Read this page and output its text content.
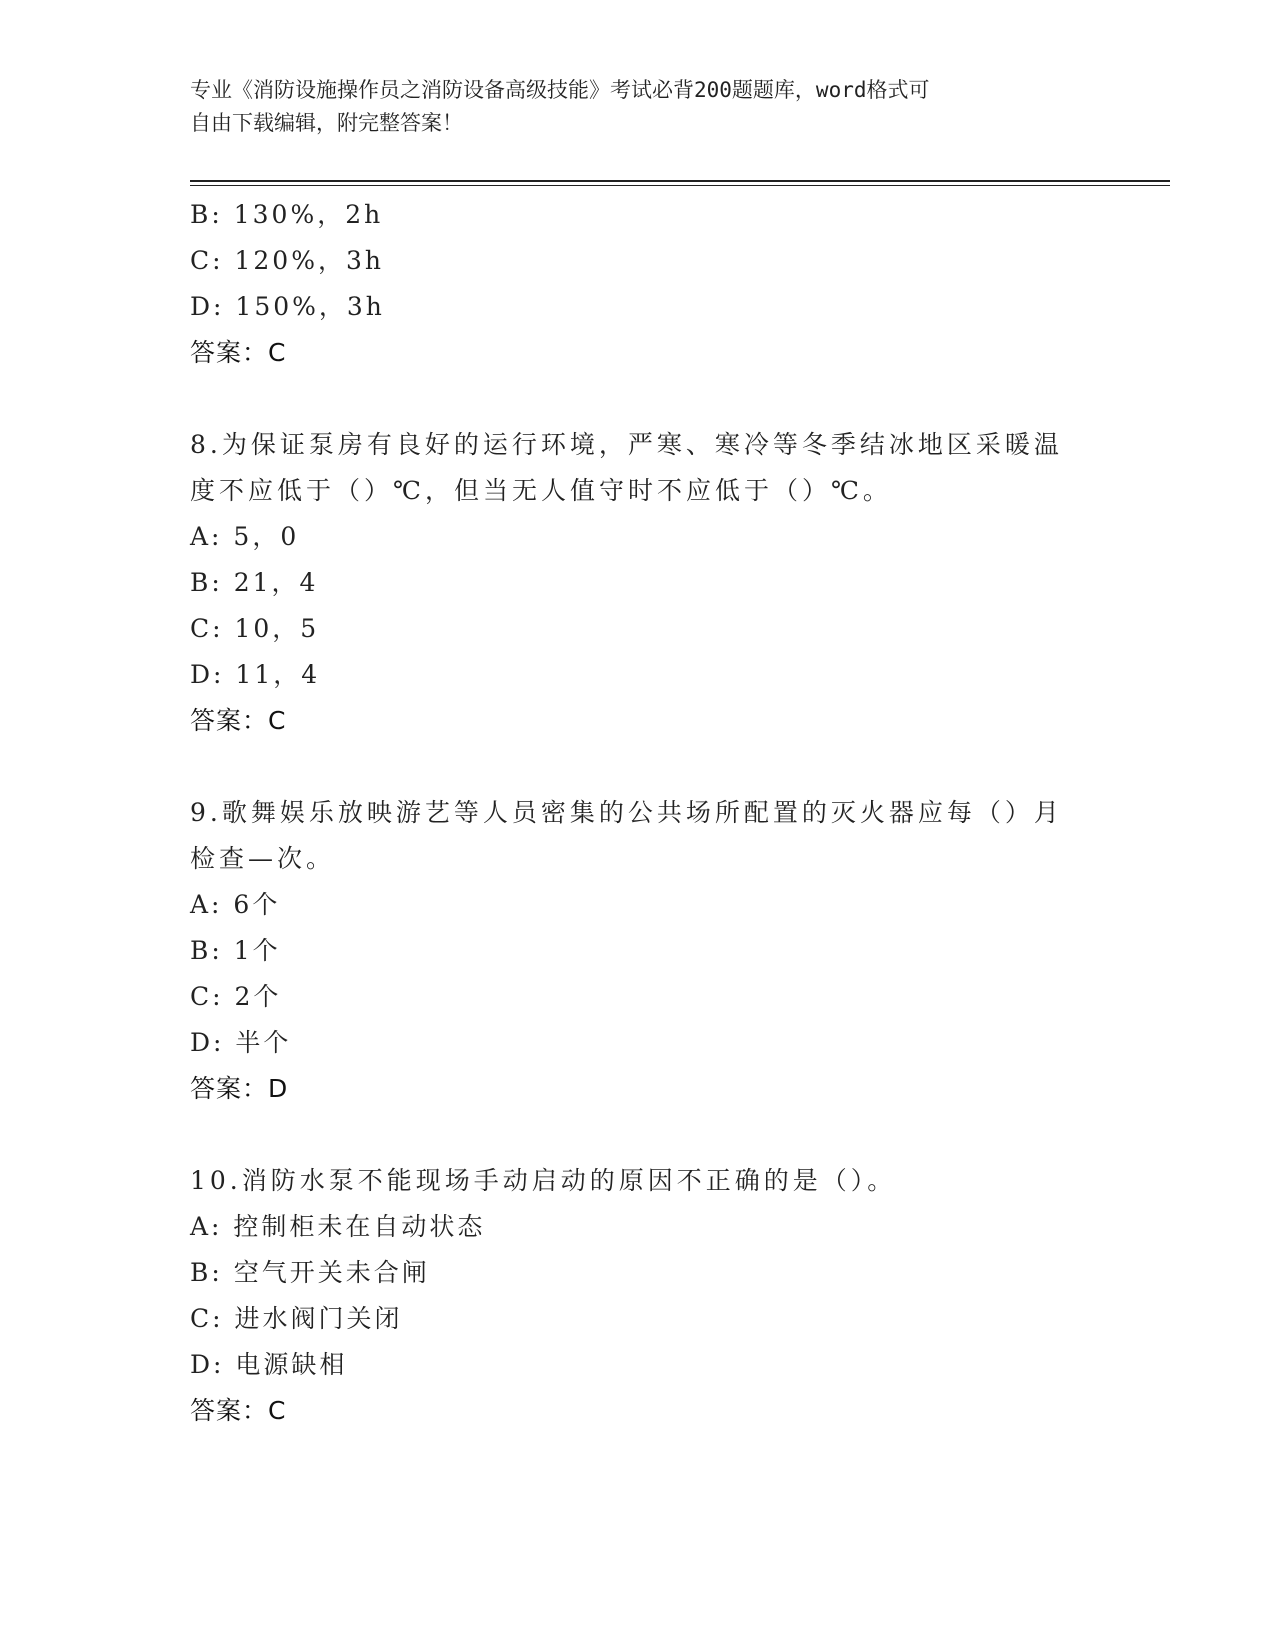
专业《消防设施操作员之消防设备高级技能》考试必背200题题库，word格式可

自由下载编辑，附完整答案！

B: 130%，2h
C: 120%，3h
D: 150%，3h
答案：C
8.为保证泵房有良好的运行环境，严寒、寒冷等冬季结冰地区采暖温
度不应低于（）℃，但当无人值守时不应低于（）℃。
A: 5，0
B: 21，4
C: 10，5
D: 11，4
答案：C
9.歌舞娱乐放映游艺等人员密集的公共场所配置的灭火器应每（）月
检查—次。
A: 6个
B: 1个
C: 2个
D: 半个
答案：D
10.消防水泵不能现场手动启动的原因不正确的是（）。
A: 控制柜未在自动状态
B: 空气开关未合闸
C: 进水阀门关闭
D: 电源缺相
答案：C
